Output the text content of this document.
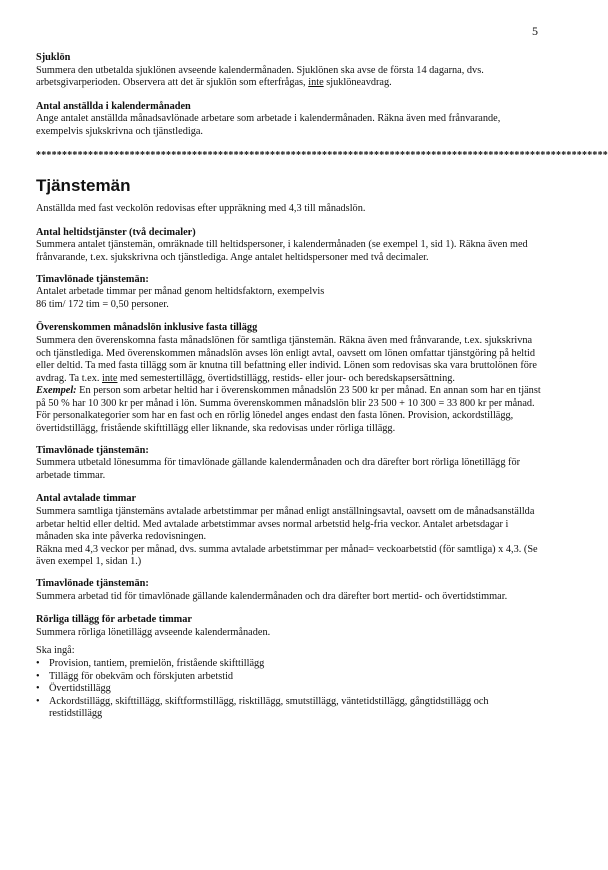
5

Sjuklön

Summera den utbetalda sjuklönen avseende kalendermånaden. Sjuklönen ska avse de första 14 dagarna, dvs. arbetsgivarperioden. Observera att det är sjuklön som efterfrågas, inte sjuklöneavdrag.

Antal anställda i kalendermånaden

Ange antalet anställda månadsavlönade arbetare som arbetade i kalendermånaden. Räkna även med frånvarande, exempelvis sjukskrivna och tjänstlediga.

**************************************************************************************************************
Tjänstemän

Anställda med fast veckolön redovisas efter uppräkning med 4,3 till månadslön.

Antal heltidstjänster (två decimaler)

Summera antalet tjänstemän, omräknade till heltidspersoner, i kalendermånaden (se exempel 1, sid 1). Räkna även med frånvarande, t.ex. sjukskrivna och tjänstlediga. Ange antalet heltidspersoner med två decimaler.

Timavlönade tjänstemän:

Antalet arbetade timmar per månad genom heltidsfaktorn, exempelvis

86 tim/ 172 tim = 0,50 personer.

Överenskommen månadslön inklusive fasta tillägg

Summera den överenskomna fasta månadslönen för samtliga tjänstemän. Räkna även med frånvarande, t.ex. sjukskrivna och tjänstlediga. Med överenskommen månadslön avses lön enligt avtal, oavsett om lönen omfattar tjänstgöring på heltid eller deltid. Ta med fasta tillägg som är knutna till befattning eller individ. Lönen som redovisas ska vara bruttolönen före avdrag. Ta t.ex. inte med semestertillägg, övertidstillägg, restids- eller jour- och beredskapsersättning.

Exempel: En person som arbetar heltid har i överenskommen månadslön 23 500 kr per månad. En annan som har en tjänst på 50 % har 10 300 kr per månad i lön. Summa överenskommen månadslön blir 23 500 + 10 300 = 33 800 kr per månad.

För personalkategorier som har en fast och en rörlig lönedel anges endast den fasta lönen. Provision, ackordstillägg, övertidstillägg, fristående skifttillägg eller liknande, ska redovisas under rörliga tillägg.

Timavlönade tjänstemän:

Summera utbetald lönesumma för timavlönade gällande kalendermånaden och dra därefter bort rörliga lönetillägg för arbetade timmar.

Antal avtalade timmar

Summera samtliga tjänstemäns avtalade arbetstimmar per månad enligt anställningsavtal, oavsett om de månadsanställda arbetar heltid eller deltid. Med avtalade arbetstimmar avses normal arbetstid helg-fria veckor. Antalet arbetsdagar i månaden ska inte påverka redovisningen.

Räkna med 4,3 veckor per månad, dvs. summa avtalade arbetstimmar per månad= veckoarbetstid (för samtliga) x 4,3. (Se även exempel 1, sidan 1.)

Timavlönade tjänstemän:

Summera arbetad tid för timavlönade gällande kalendermånaden och dra därefter bort mertid- och övertidstimmar.

Rörliga tillägg för arbetade timmar

Summera rörliga lönetillägg avseende kalendermånaden.

Ska ingå:

• Provision, tantiem, premielön, fristående skifttillägg
• Tillägg för obekväm och förskjuten arbetstid
• Övertidstillägg
• Ackordstillägg, skifttillägg, skiftformstillägg, risktillägg, smutstillägg, väntetidstillägg, gångtidstillägg och restidstillägg
